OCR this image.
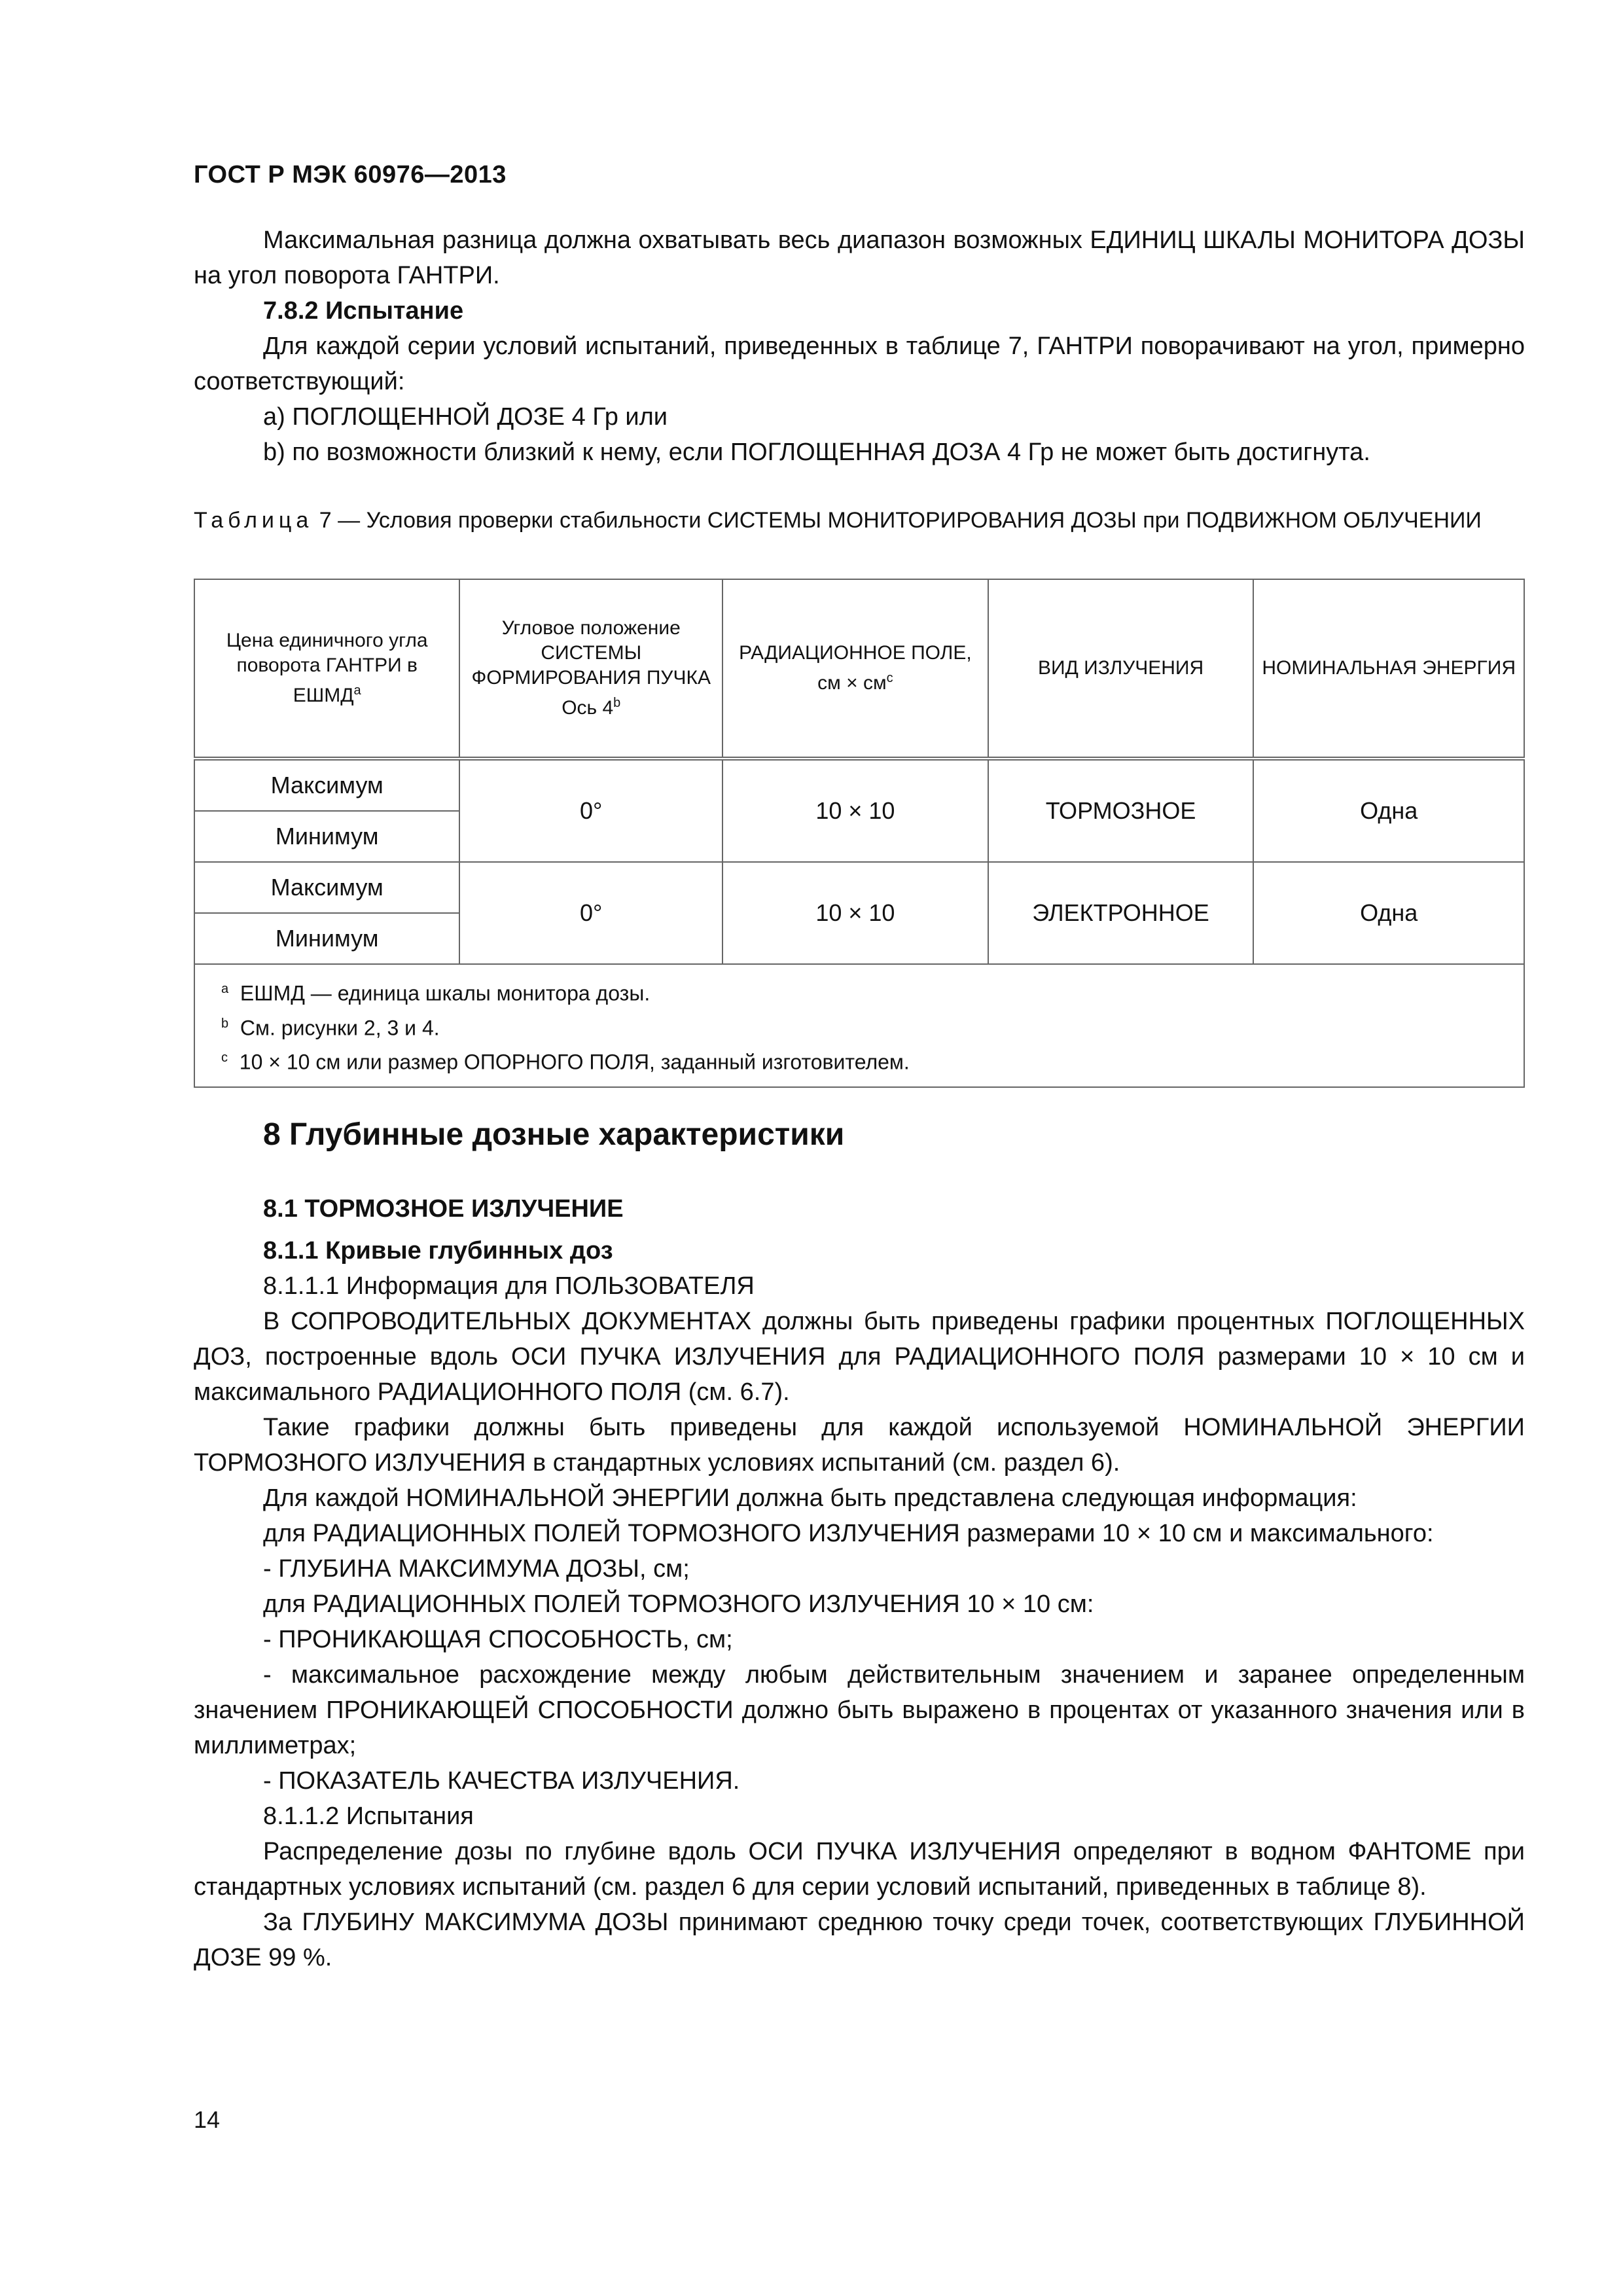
ГОСТ Р МЭК 60976—2013

Максимальная разница должна охватывать весь диапазон возможных ЕДИНИЦ ШКАЛЫ МОНИТОРА ДОЗЫ на угол поворота ГАНТРИ.

7.8.2 Испытание

Для каждой серии условий испытаний, приведенных в таблице 7, ГАНТРИ поворачивают на угол, примерно соответствующий:

a) ПОГЛОЩЕННОЙ ДОЗЕ 4 Гр или

b) по возможности близкий к нему, если ПОГЛОЩЕННАЯ ДОЗА 4 Гр не может быть достигнута.

Таблица 7 — Условия проверки стабильности СИСТЕМЫ МОНИТОРИРОВАНИЯ ДОЗЫ при ПОДВИЖНОМ ОБЛУЧЕНИИ
Цена единичного угла поворота ГАНТРИ в ЕШМД$^a$	Угловое положение СИСТЕМЫ ФОРМИРОВАНИЯ ПУЧКА Ось 4$^b$	РАДИАЦИОННОЕ ПОЛЕ, см × $см^c$	ВИД ИЗЛУЧЕНИЯ	НОМИНАЛЬНАЯ ЭНЕРГИЯ
Максимум	0°	10 × 10	ТОРМОЗНОЕ	Одна
Минимум				
Максимум	0°	10 × 10	ЭЛЕКТРОННОЕ	Одна
Минимум				

$^a$ ЕШМД — единица шкалы монитора дозы.
$^b$ См. рисунки 2, 3 и 4.
$^c$ 10 × 10 см или размер ОПОРНОГО ПОЛЯ, заданный изготовителем.				
8 Глубинные дозные характеристики

8.1 ТОРМОЗНОЕ ИЗЛУЧЕНИЕ

8.1.1 Кривые глубинных доз

8.1.1.1 Информация для ПОЛЬЗОВАТЕЛЯ

В СОПРОВОДИТЕЛЬНЫХ ДОКУМЕНТАХ должны быть приведены графики процентных ПОГЛОЩЕННЫХ ДОЗ, построенные вдоль ОСИ ПУЧКА ИЗЛУЧЕНИЯ для РАДИАЦИОННОГО ПОЛЯ размерами 10 × 10 см и максимального РАДИАЦИОННОГО ПОЛЯ (см. 6.7).

Такие графики должны быть приведены для каждой используемой НОМИНАЛЬНОЙ ЭНЕРГИИ ТОРМОЗНОГО ИЗЛУЧЕНИЯ в стандартных условиях испытаний (см. раздел 6).

Для каждой НОМИНАЛЬНОЙ ЭНЕРГИИ должна быть представлена следующая информация:

для РАДИАЦИОННЫХ ПОЛЕЙ ТОРМОЗНОГО ИЗЛУЧЕНИЯ размерами 10 × 10 см и максимального:

- ГЛУБИНА МАКСИМУМА ДОЗЫ, см;

для РАДИАЦИОННЫХ ПОЛЕЙ ТОРМОЗНОГО ИЗЛУЧЕНИЯ 10 × 10 см:

- ПРОНИКАЮЩАЯ СПОСОБНОСТЬ, см;

- максимальное расхождение между любым действительным значением и заранее определенным значением ПРОНИКАЮЩЕЙ СПОСОБНОСТИ должно быть выражено в процентах от указанного значения или в миллиметрах;

- ПОКАЗАТЕЛЬ КАЧЕСТВА ИЗЛУЧЕНИЯ.

8.1.1.2 Испытания

Распределение дозы по глубине вдоль ОСИ ПУЧКА ИЗЛУЧЕНИЯ определяют в водном ФАНТОМЕ при стандартных условиях испытаний (см. раздел 6 для серии условий испытаний, приведенных в таблице 8).

За ГЛУБИНУ МАКСИМУМА ДОЗЫ принимают среднюю точку среди точек, соответствующих ГЛУБИННОЙ ДОЗЕ 99 %.

14
